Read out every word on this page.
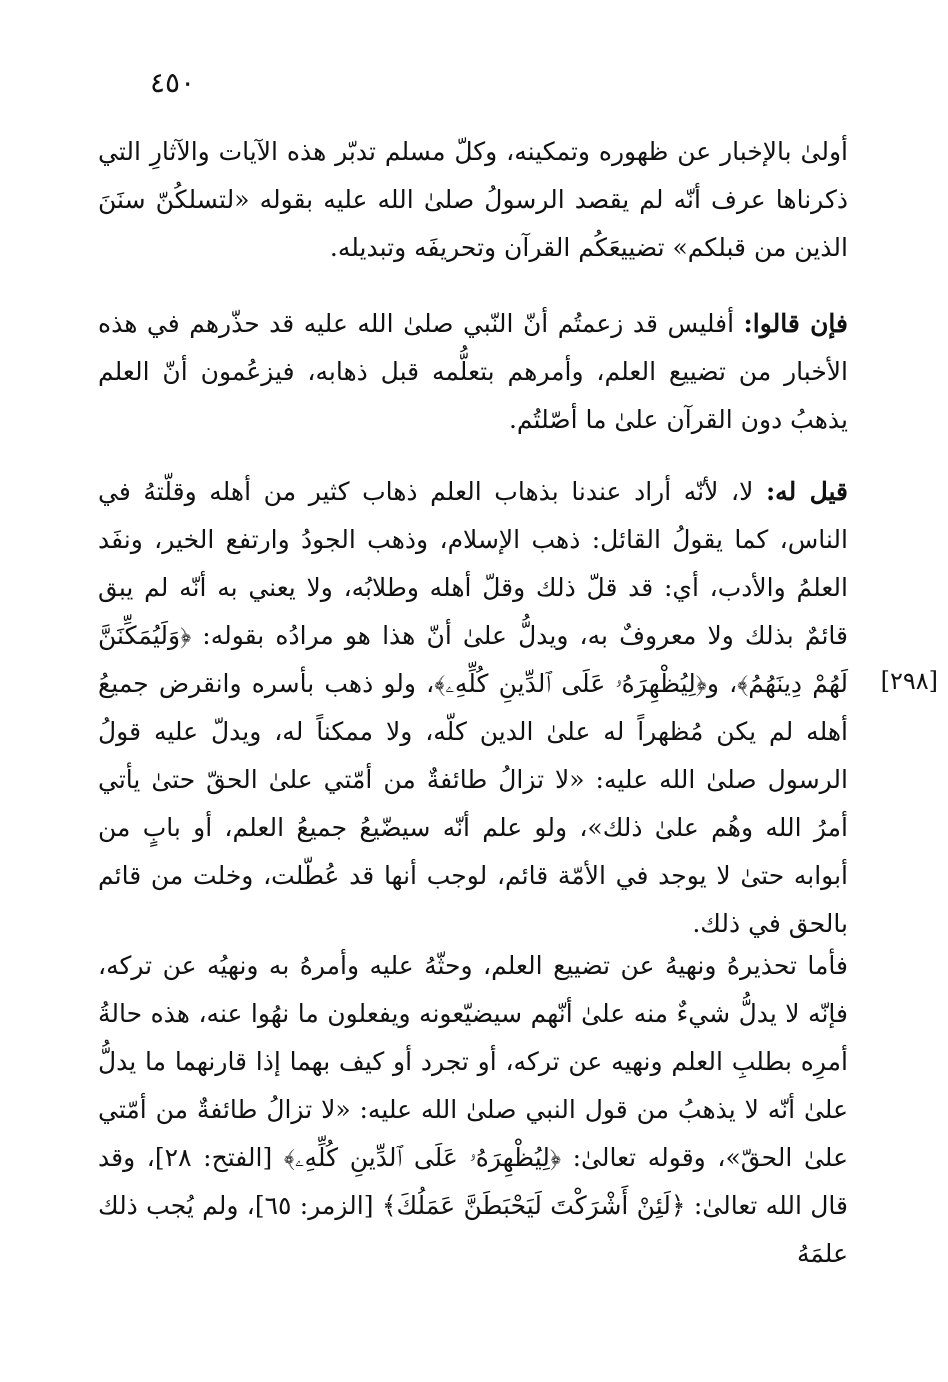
٤٥٠

أولىٰ بالإخبار عن ظهوره وتمكينه، وكلّ مسلم تدبّر هذه الآيات والآثارِ التي ذكرناها عرف أنّه لم يقصد الرسولُ صلىٰ الله عليه بقوله «لتسلكُنّ سنَنَ الذين من قبلكم» تضييعَكُم القرآن وتحريفَه وتبديله.

فإن قالوا: أفليس قد زعمتُم أنّ النّبي صلىٰ الله عليه قد حذّرهم في هذه الأخبار من تضييع العلم، وأمرهم بتعلُّمه قبل ذهابه، فيزعُمون أنّ العلم يذهبُ دون القرآن علىٰ ما أصّلتُم.

قيل له: لا، لأنّه أراد عندنا بذهاب العلم ذهاب كثير من أهله وقلّتهُ في الناس، كما يقولُ القائل: ذهب الإسلام، وذهب الجودُ وارتفع الخير، ونفَد العلمُ والأدب، أي: قد قلّ ذلك وقلّ أهله وطلابُه، ولا يعني به أنّه لم يبق قائمٌ بذلك ولا معروفٌ به، ويدلُّ علىٰ أنّ هذا هو مرادُه بقوله: ﴿وَلَيُمَكِّنَنَّ لَهُمْ دِينَهُمُ﴾، و﴿لِيُظْهِرَهُۥ عَلَى ٱلدِّينِ كُلِّهِۦ﴾، ولو ذهب بأسره وانقرض جميعُ أهله لم يكن مُظهراً له علىٰ الدين كلّه، ولا ممكناً له، ويدلّ عليه قولُ الرسول صلىٰ الله عليه: «لا تزالُ طائفةٌ من أمّتي علىٰ الحقّ حتىٰ يأتي أمرُ الله وهُم علىٰ ذلك»، ولو علم أنّه سيضّيعُ جميعُ العلم، أو بابٍ من أبوابه حتىٰ لا يوجد في الأمّة قائم، لوجب أنها قد عُطّلت، وخلت من قائم بالحق في ذلك.

[٢٩٨]

فأما تحذيرهُ ونهيهُ عن تضييع العلم، وحثّهُ عليه وأمرهُ به ونهيُه عن تركه، فإنّه لا يدلُّ شيءٌ منه علىٰ أنّهم سيضيّعونه ويفعلون ما نهُوا عنه، هذه حالةُ أمرِه بطلبِ العلم ونهيه عن تركه، أو تجرد أو كيف بهما إذا قارنهما ما يدلُّ علىٰ أنّه لا يذهبُ من قول النبي صلىٰ الله عليه: «لا تزالُ طائفةٌ من أمّتي علىٰ الحقّ»، وقوله تعالىٰ: ﴿لِيُظْهِرَهُۥ عَلَى ٱلدِّينِ كُلِّهِۦ﴾ [الفتح: ٢٨]، وقد قال الله تعالىٰ: ﴿لَئِنْ أَشْرَكْتَ لَيَحْبَطَنَّ عَمَلُكَ﴾ [الزمر: ٦٥]، ولم يُجب ذلك علمَهُ
